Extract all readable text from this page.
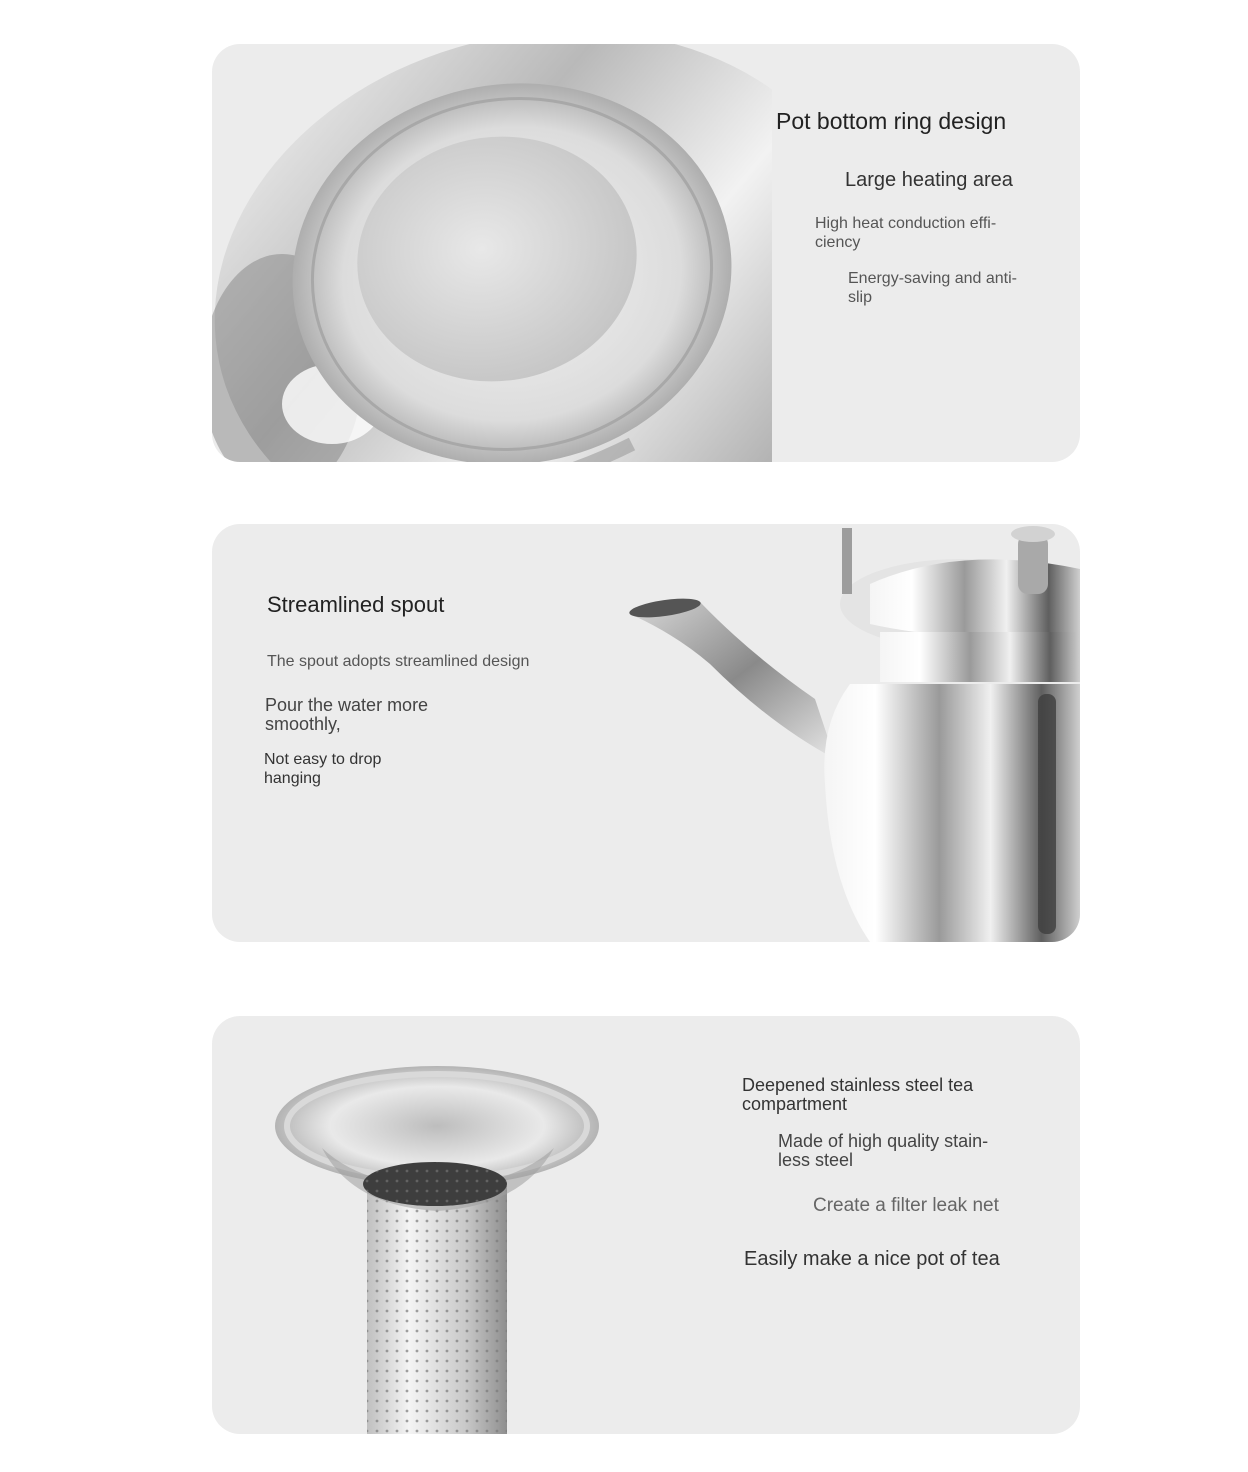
Pot bottom ring design
Large heating area
High heat conduction effi-ciency
Energy-saving and anti-slip
Streamlined spout
The spout adopts streamlined design
Pour the water more smoothly,
Not easy to drop hanging
Deepened stainless steel tea compartment
Made of high quality stain-less steel
Create a filter leak net
Easily make a nice pot of tea
